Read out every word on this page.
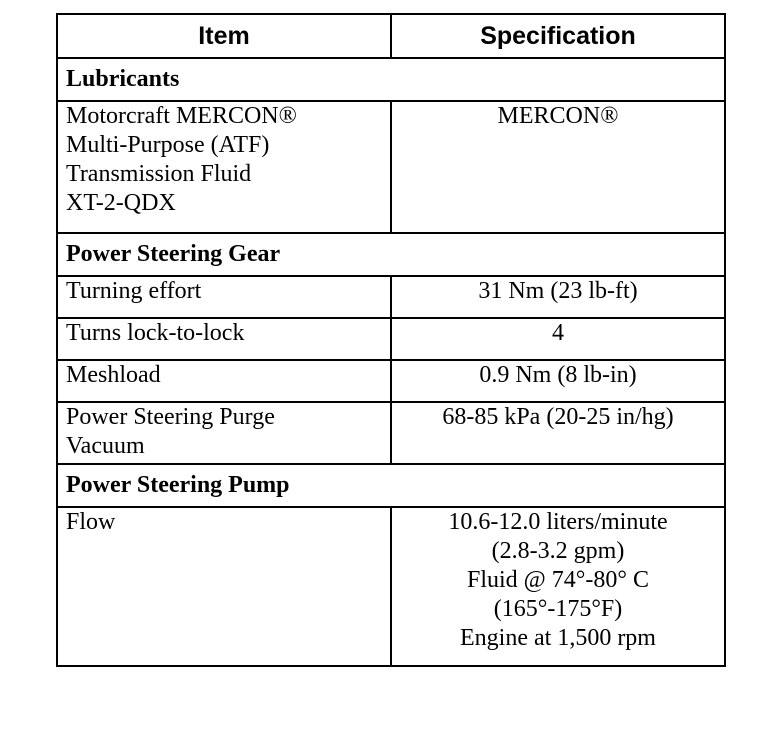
Item	Specification
Lubricants	

Motorcraft MERCON®
Multi-Purpose (ATF)
Transmission Fluid
XT-2-QDX	MERCON®

Power Steering Gear	
Turning effort	31 Nm (23 lb-ft)
Turns lock-to-lock	4
Meshload	0.9 Nm (8 lb-in)

Power Steering Purge
Vacuum	68-85 kPa (20-25 in/hg)

Power Steering Pump	

Flow	10.6-12.0 liters/minute
(2.8-3.2 gpm)
Fluid @ 74°-80° C
(165°-175°F)
Engine at 1,500 rpm
